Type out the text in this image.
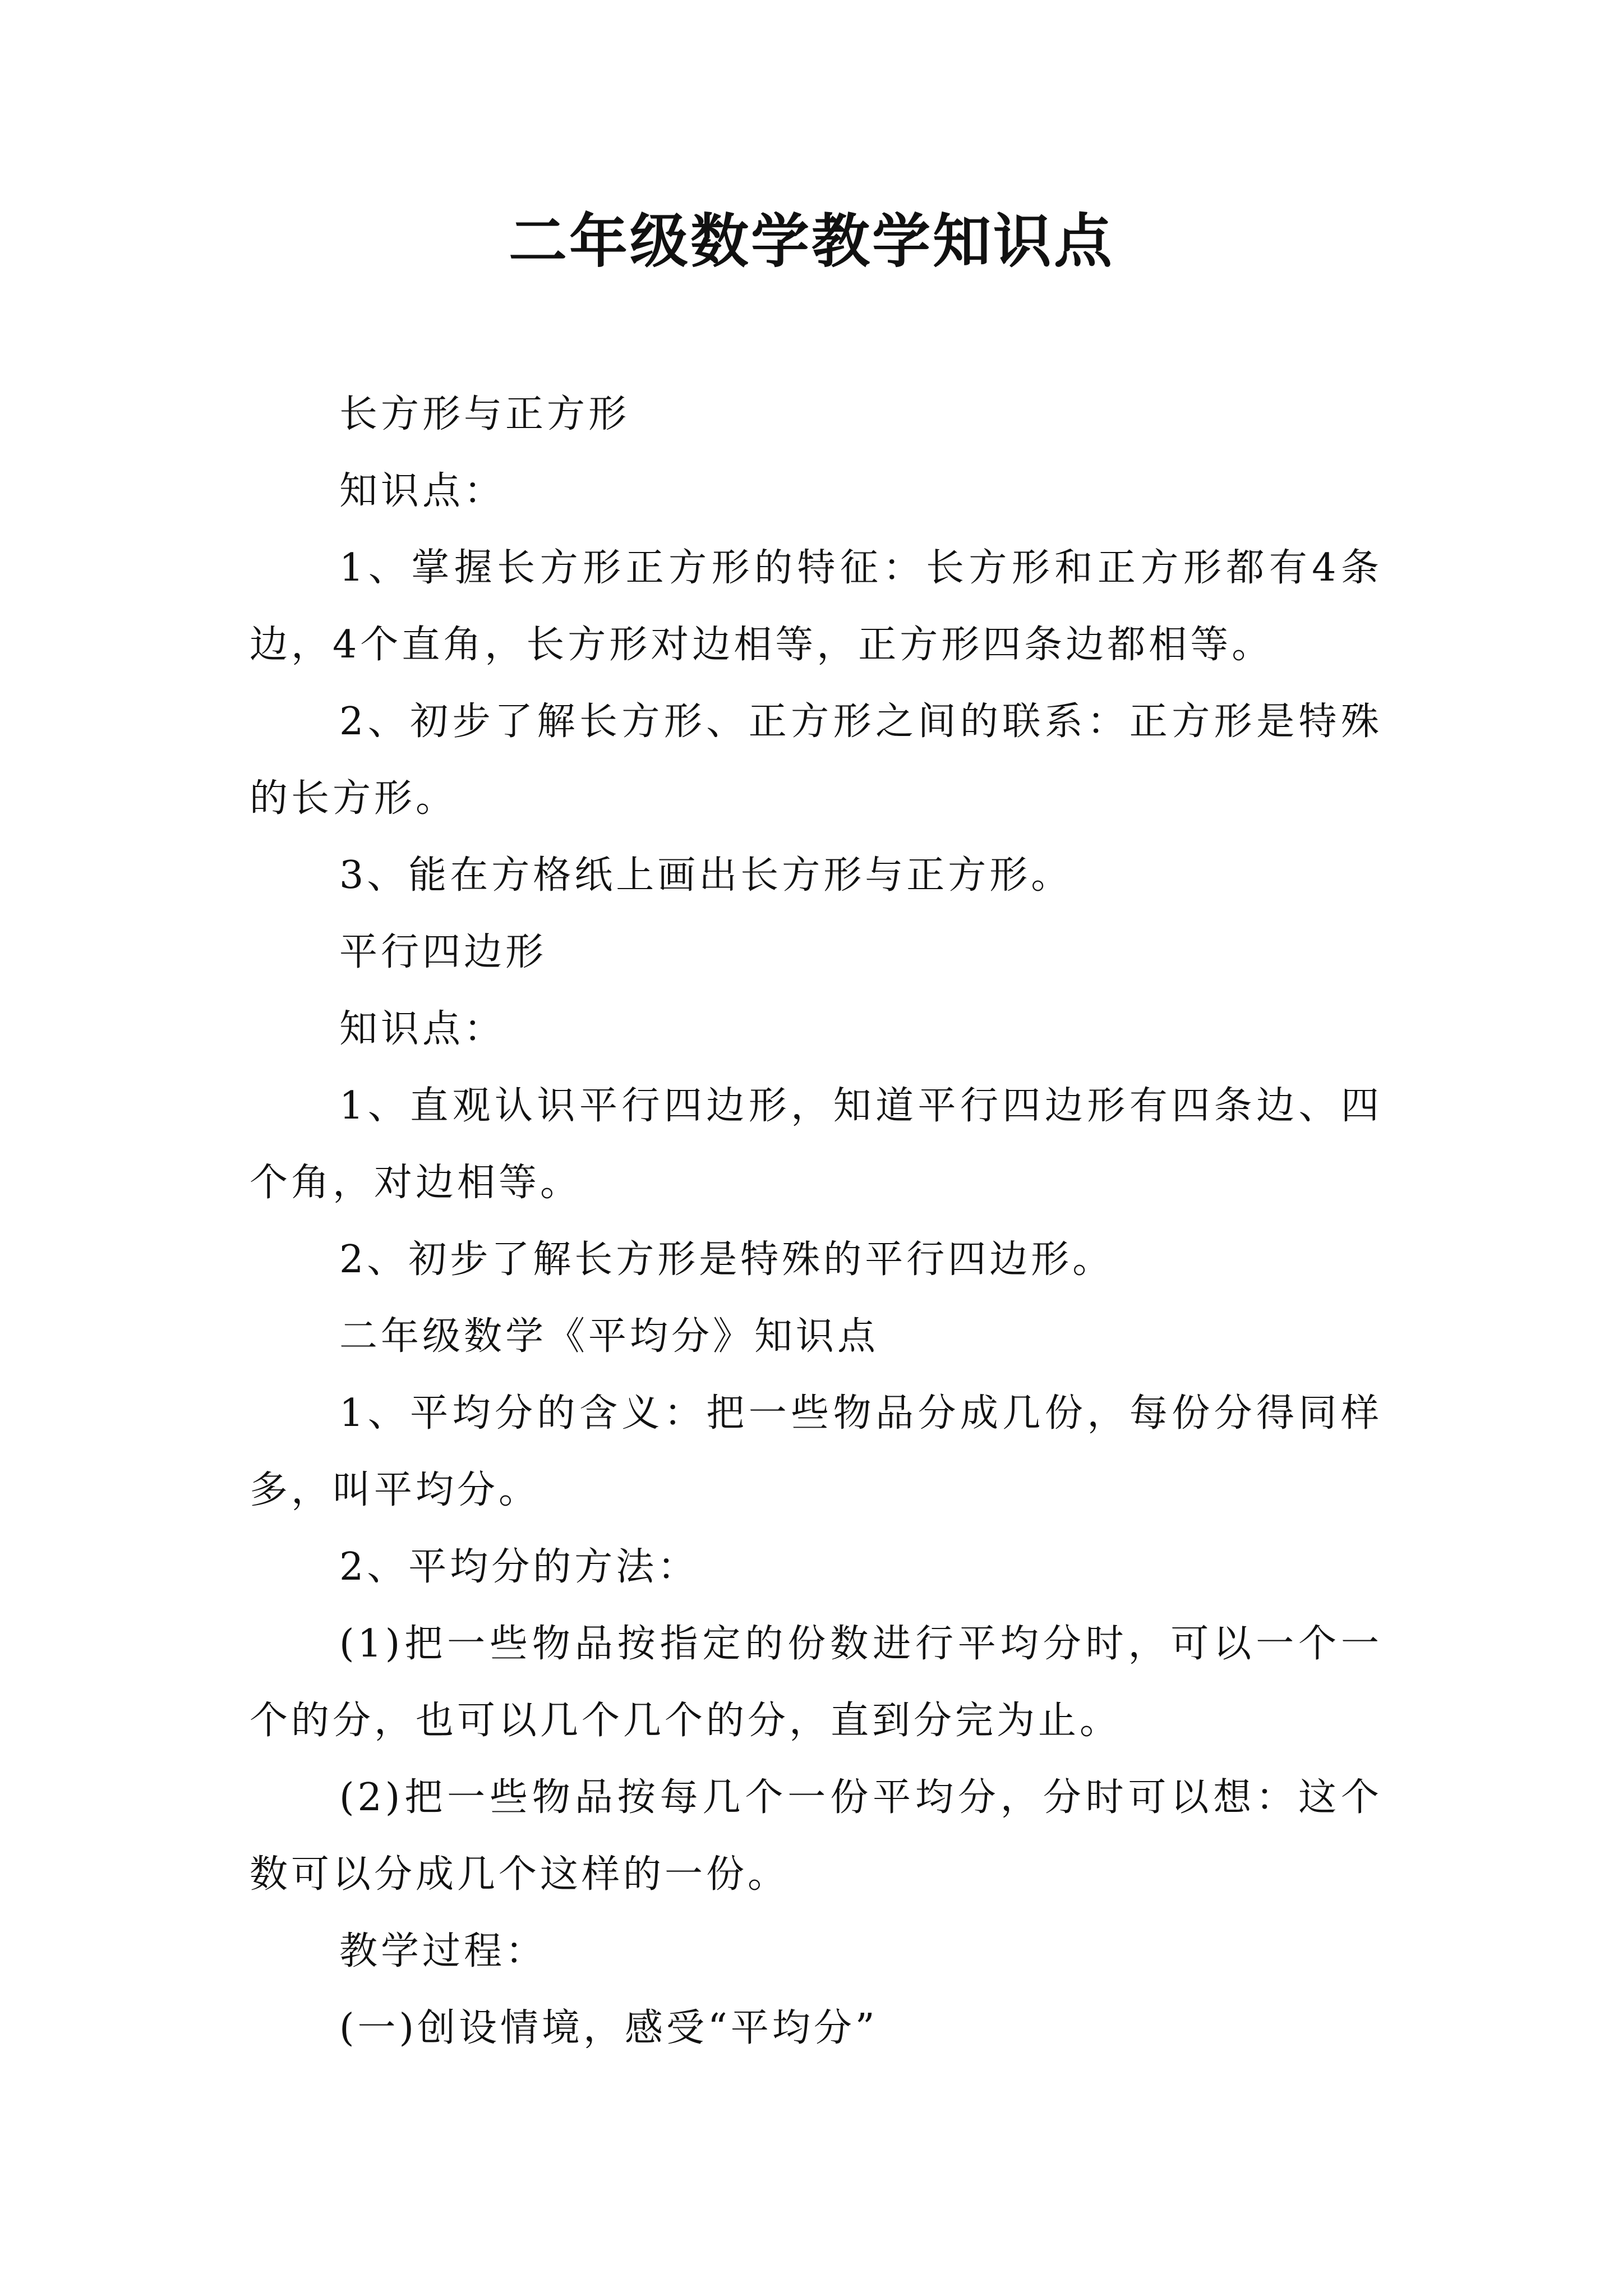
二年级数学教学知识点

长方形与正方形

知识点：

1、掌握长方形正方形的特征：长方形和正方形都有4条边，4个直角，长方形对边相等，正方形四条边都相等。

2、初步了解长方形、正方形之间的联系：正方形是特殊的长方形。

3、能在方格纸上画出长方形与正方形。

平行四边形

知识点：

1、直观认识平行四边形，知道平行四边形有四条边、四个角，对边相等。

2、初步了解长方形是特殊的平行四边形。

二年级数学《平均分》知识点

1、平均分的含义：把一些物品分成几份，每份分得同样多，叫平均分。

2、平均分的方法：

(1)把一些物品按指定的份数进行平均分时，可以一个一个的分，也可以几个几个的分，直到分完为止。

(2)把一些物品按每几个一份平均分，分时可以想：这个数可以分成几个这样的一份。

教学过程：

(一)创设情境，感受“平均分”
